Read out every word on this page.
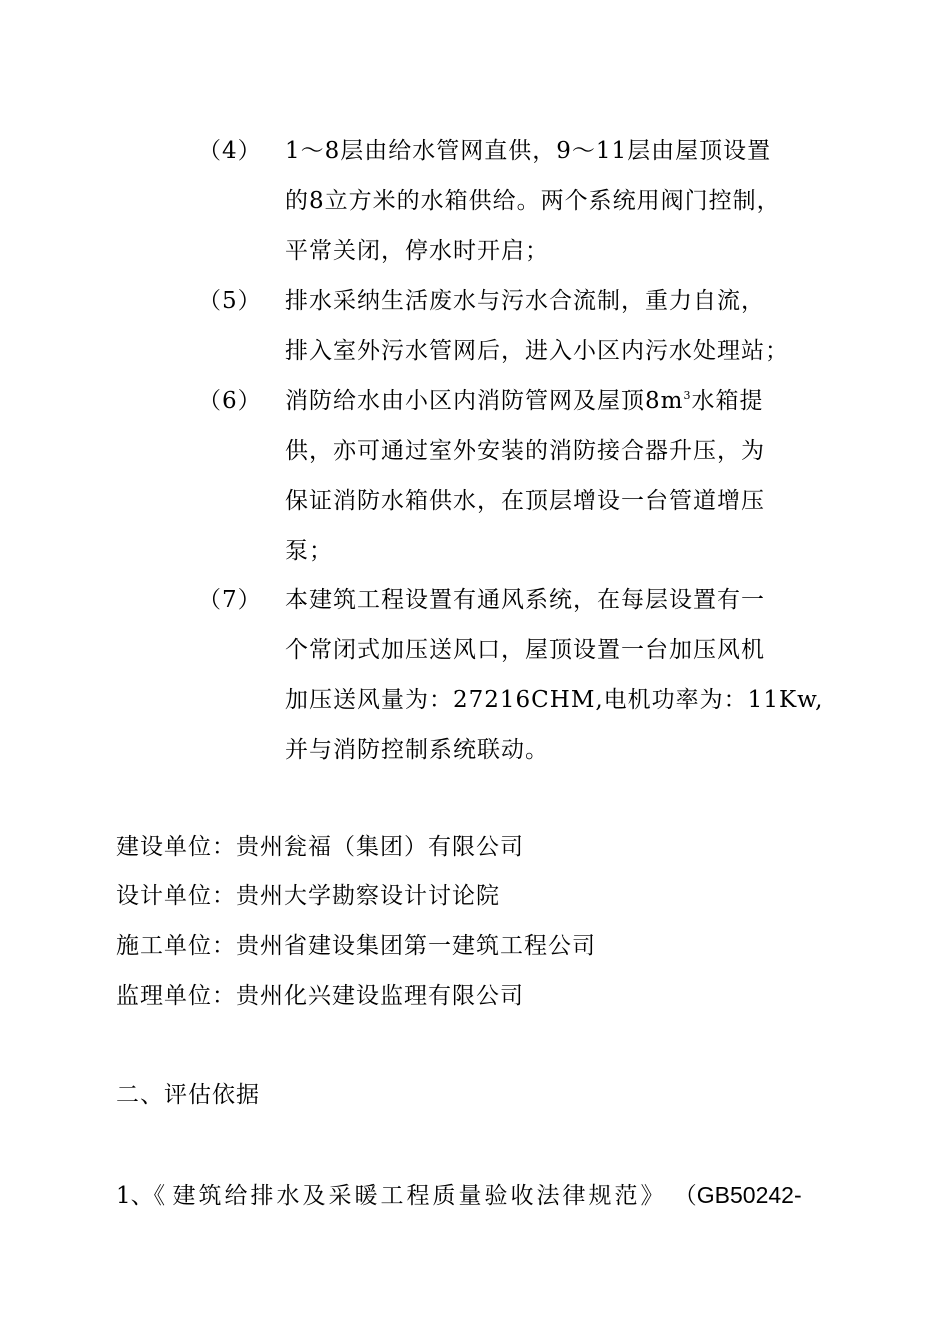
（4） 1～8层由给水管网直供，9～11层由屋顶设置
的8立方米的水箱供给。两个系统用阀门控制，
平常关闭，停水时开启；
（5） 排水采纳生活废水与污水合流制，重力自流，
排入室外污水管网后，进入小区内污水处理站；
（6） 消防给水由小区内消防管网及屋顶$8m^3$水箱提
供，亦可通过室外安装的消防接合器升压，为
保证消防水箱供水，在顶层增设一台管道增压
泵；
（7） 本建筑工程设置有通风系统，在每层设置有一
个常闭式加压送风口，屋顶设置一台加压风机
加压送风量为：27216CHM,电机功率为：11Kw,
并与消防控制系统联动。
建设单位：贵州瓮福（集团）有限公司
设计单位：贵州大学勘察设计讨论院
施工单位：贵州省建设集团第一建筑工程公司
监理单位：贵州化兴建设监理有限公司
二、评估依据
1、《 建筑给排水及采暖工程质量验收法律规范》 （GB50242-
